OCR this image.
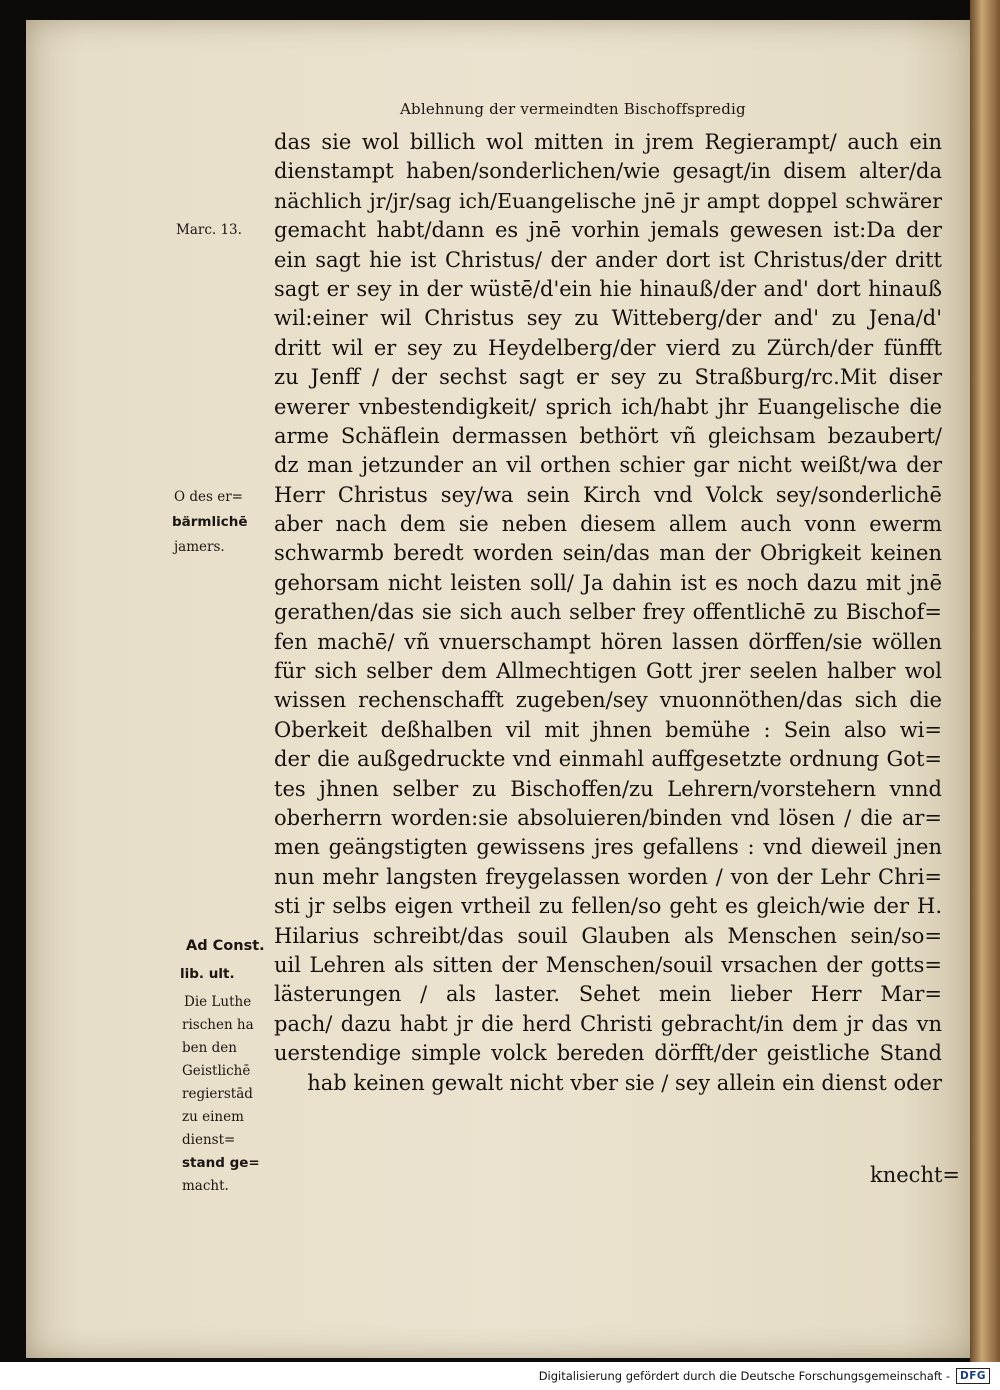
Ablehnung der vermeindten Bischoffspredig
Marc. 13.
O des er=
bärmlichē
jamers.
Ad Const.
lib. ult.
Die Luthe
rischen ha
ben den
Geistlichē
regierstād
zu einem
dienst=
stand ge=
macht.
das sie wol billich wol mitten in jrem Regierampt/ auch ein
dienstampt haben/sonderlichen/wie gesagt/in disem alter/da
nächlich jr/jr/sag ich/Euangelische jnē jr ampt doppel schwärer
gemacht habt/dann es jnē vorhin jemals gewesen ist:Da der
ein sagt hie ist Christus/ der ander dort ist Christus/der dritt
sagt er sey in der wüstē/d'ein hie hinauß/der and' dort hinauß
wil:einer wil Christus sey zu Witteberg/der and' zu Jena/d'
dritt wil er sey zu Heydelberg/der vierd zu Zürch/der fünfft
zu Jenff / der sechst sagt er sey zu Straßburg/rc.Mit diser
ewerer vnbestendigkeit/ sprich ich/habt jhr Euangelische die
arme Schäflein dermassen bethört vñ gleichsam bezaubert/
dz man jetzunder an vil orthen schier gar nicht weißt/wa der
Herr Christus sey/wa sein Kirch vnd Volck sey/sonderlichē
aber nach dem sie neben diesem allem auch vonn ewerm
schwarmb beredt worden sein/das man der Obrigkeit keinen
gehorsam nicht leisten soll/ Ja dahin ist es noch dazu mit jnē
gerathen/das sie sich auch selber frey offentlichē zu Bischof=
fen machē/ vñ vnuerschampt hören lassen dörffen/sie wöllen
für sich selber dem Allmechtigen Gott jrer seelen halber wol
wissen rechenschafft zugeben/sey vnuonnöthen/das sich die
Oberkeit deßhalben vil mit jhnen bemühe : Sein also wi=
der die außgedruckte vnd einmahl auffgesetzte ordnung Got=
tes jhnen selber zu Bischoffen/zu Lehrern/vorstehern vnnd
oberherrn worden:sie absoluieren/binden vnd lösen / die ar=
men geängstigten gewissens jres gefallens : vnd dieweil jnen
nun mehr langsten freygelassen worden / von der Lehr Chri=
sti jr selbs eigen vrtheil zu fellen/so geht es gleich/wie der H.
Hilarius schreibt/das souil Glauben als Menschen sein/so=
uil Lehren als sitten der Menschen/souil vrsachen der gotts=
lästerungen / als laster. Sehet mein lieber Herr Mar=
pach/ dazu habt jr die herd Christi gebracht/in dem jr das vn
uerstendige simple volck bereden dörfft/der geistliche Stand
hab keinen gewalt nicht vber sie / sey allein ein dienst oder
knecht=
Digitalisierung gefördert durch die Deutsche Forschungsgemeinschaft - DFG
